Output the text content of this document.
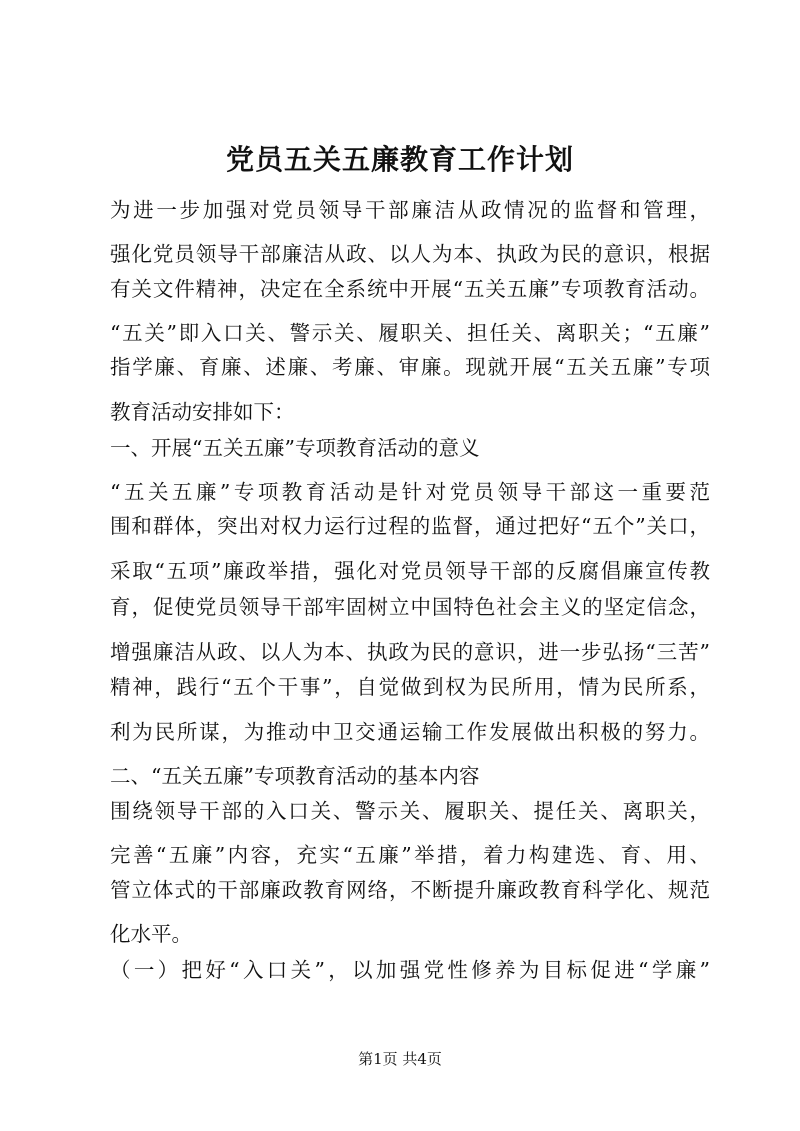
党员五关五廉教育工作计划
为进一步加强对党员领导干部廉洁从政情况的监督和管理，
强化党员领导干部廉洁从政、以人为本、执政为民的意识，根据
有关文件精神，决定在全系统中开展“五关五廉”专项教育活动。
“五关”即入口关、警示关、履职关、担任关、离职关；“五廉”
指学廉、育廉、述廉、考廉、审廉。现就开展“五关五廉”专项
教育活动安排如下：
一、开展“五关五廉”专项教育活动的意义
“五关五廉”专项教育活动是针对党员领导干部这一重要范
围和群体，突出对权力运行过程的监督，通过把好“五个”关口，
采取“五项”廉政举措，强化对党员领导干部的反腐倡廉宣传教
育，促使党员领导干部牢固树立中国特色社会主义的坚定信念，
增强廉洁从政、以人为本、执政为民的意识，进一步弘扬“三苦”
精神，践行“五个干事”，自觉做到权为民所用，情为民所系，
利为民所谋，为推动中卫交通运输工作发展做出积极的努力。
二、“五关五廉”专项教育活动的基本内容
围绕领导干部的入口关、警示关、履职关、提任关、离职关，
完善“五廉”内容，充实“五廉”举措，着力构建选、育、用、
管立体式的干部廉政教育网络，不断提升廉政教育科学化、规范
化水平。
（一）把好“入口关”，以加强党性修养为目标促进“学廉”
第1页 共4页
